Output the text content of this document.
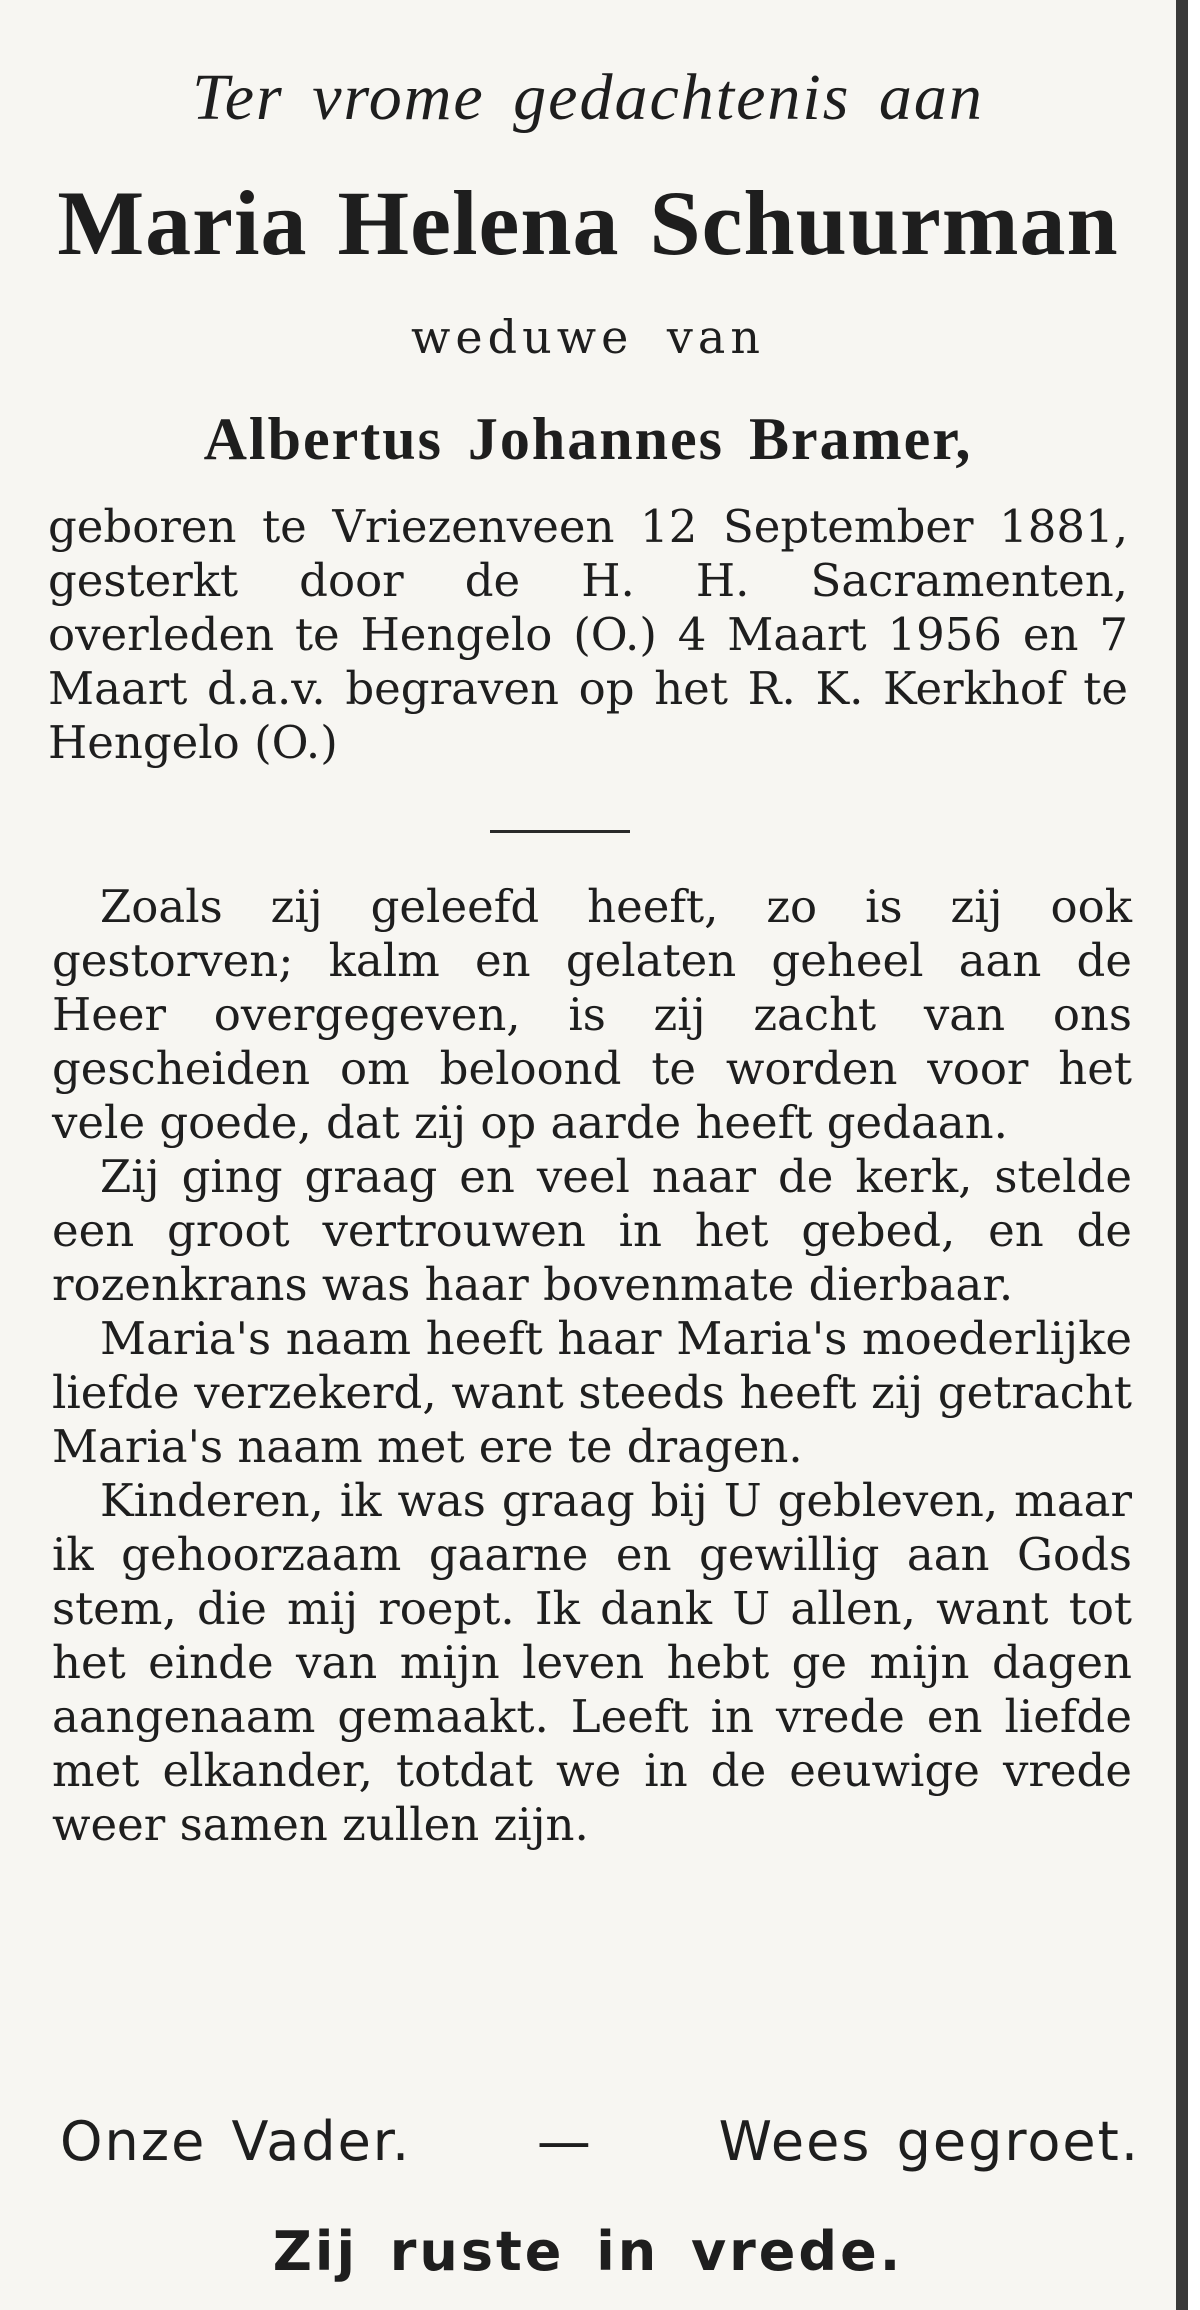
Ter vrome gedachtenis aan
Maria Helena Schuurman
weduwe van
Albertus Johannes Bramer,
geboren te Vriezenveen 12 September 1881, gesterkt door de H. H. Sacramenten, overleden te Hengelo (O.) 4 Maart 1956 en 7 Maart d.a.v. begraven op het R. K. Kerkhof te Hengelo (O.)

Zoals zij geleefd heeft, zo is zij ook gestorven; kalm en gelaten geheel aan de Heer overgegeven, is zij zacht van ons gescheiden om beloond te worden voor het vele goede, dat zij op aarde heeft gedaan.

Zij ging graag en veel naar de kerk, stelde een groot vertrouwen in het gebed, en de rozenkrans was haar bovenmate dierbaar.

Maria's naam heeft haar Maria's moederlijke liefde verzekerd, want steeds heeft zij getracht Maria's naam met ere te dragen.

Kinderen, ik was graag bij U gebleven, maar ik gehoorzaam gaarne en gewillig aan Gods stem, die mij roept. Ik dank U allen, want tot het einde van mijn leven hebt ge mijn dagen aangenaam gemaakt. Leeft in vrede en liefde met elkander, totdat we in de eeuwige vrede weer samen zullen zijn.

Onze Vader. — Wees gegroet.
Zij ruste in vrede.
